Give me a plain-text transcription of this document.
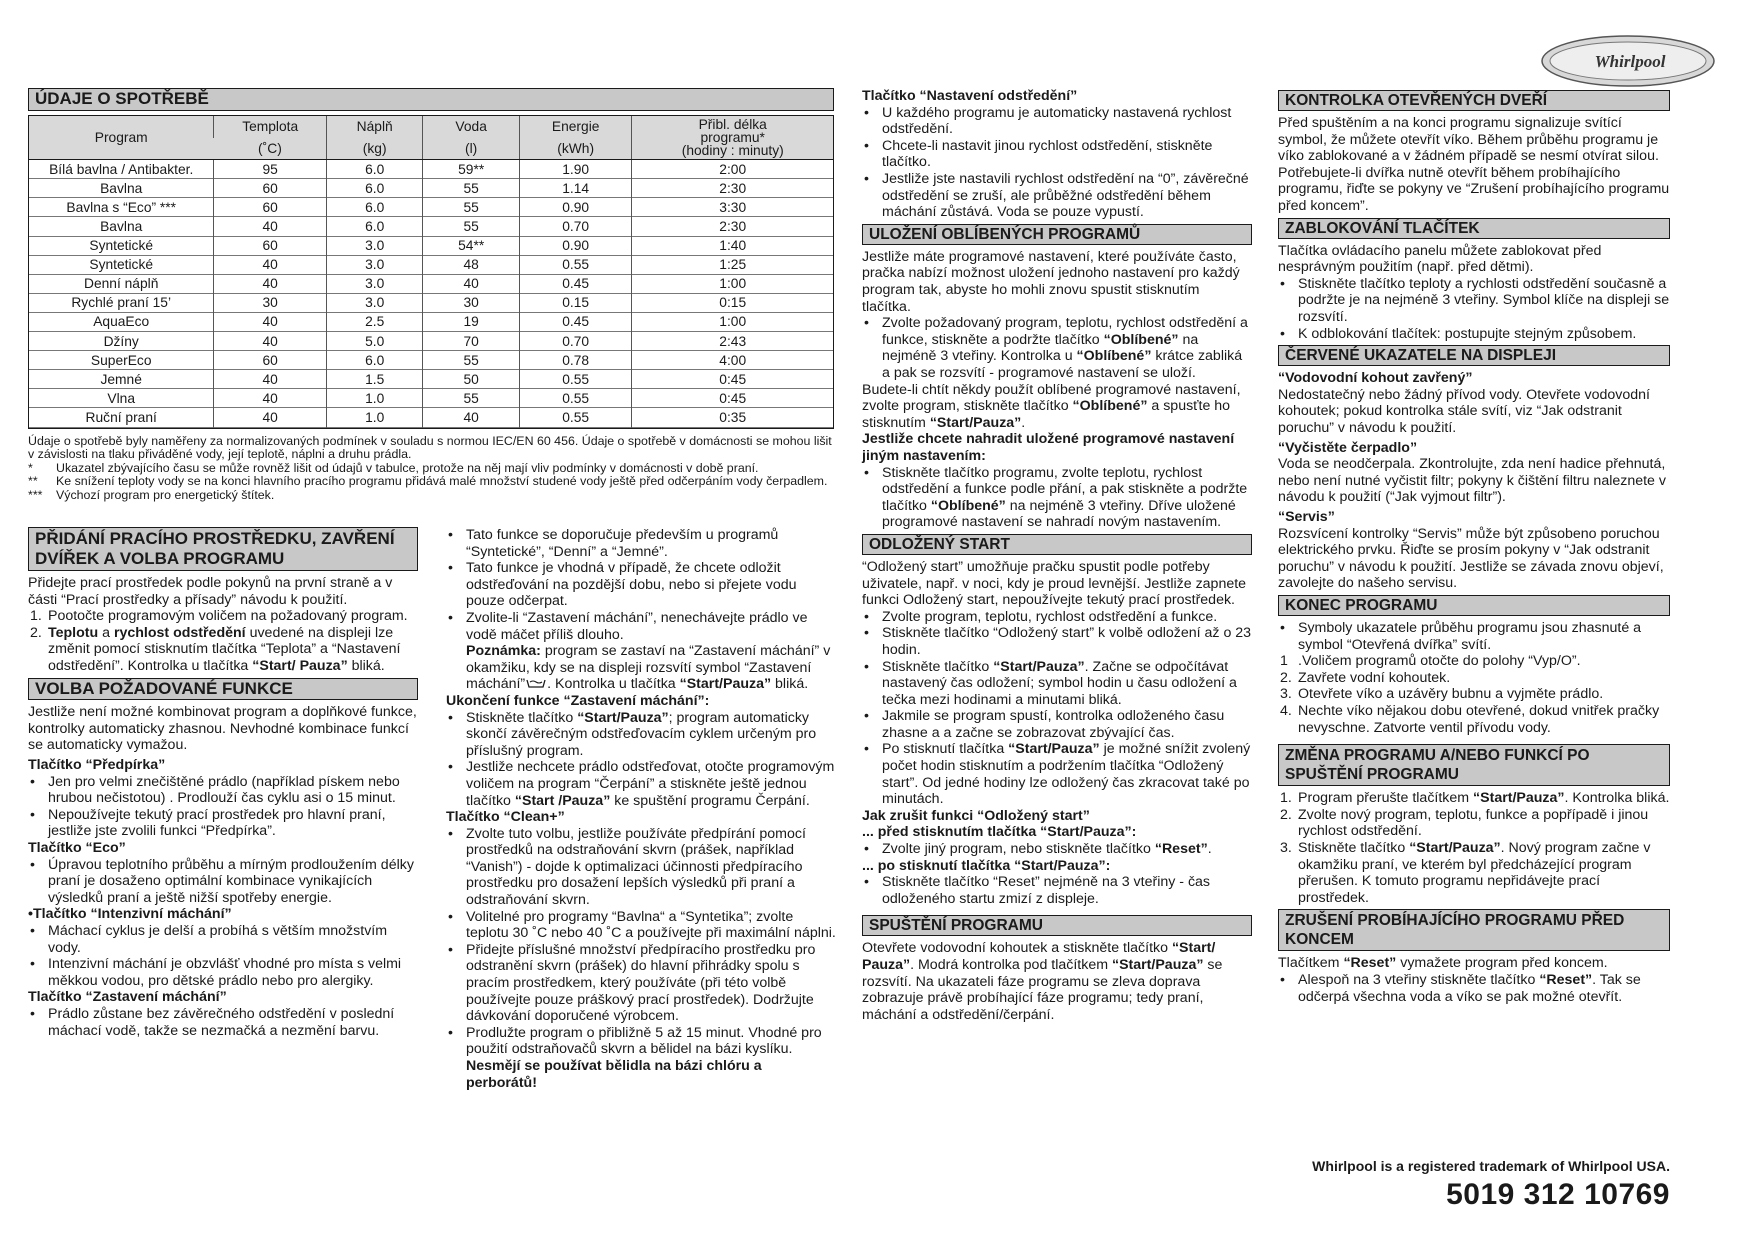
Whirlpool
ÚDAJE O SPOTŘEBĚ
Program	Templota	Náplň	Voda	Energie	Přibl. délka
programu*
(hodiny : minuty)

	(˚C)	(kg)	(l)	(kWh)	
Bílá bavlna / Antibakter.	95	6.0	59**	1.90	2:00
Bavlna	60	6.0	55	1.14	2:30
Bavlna s “Eco” ***	60	6.0	55	0.90	3:30
Bavlna	40	6.0	55	0.70	2:30
Syntetické	60	3.0	54**	0.90	1:40
Syntetické	40	3.0	48	0.55	1:25
Denní náplň	40	3.0	40	0.45	1:00
Rychlé praní 15’	30	3.0	30	0.15	0:15
AquaEco	40	2.5	19	0.45	1:00
Džíny	40	5.0	70	0.70	2:43
SuperEco	60	6.0	55	0.78	4:00
Jemné	40	1.5	50	0.55	0:45
Vlna	40	1.0	55	0.55	0:45
Ruční praní	40	1.0	40	0.55	0:35
Údaje o spotřebě byly naměřeny za normalizovaných podmínek v souladu s normou IEC/EN 60 456. Údaje o spotřebě v domácnosti se mohou lišit v závislosti na tlaku přiváděné vody, její teplotě, náplni a druhu prádla.
*	Ukazatel zbývajícího času se může rovněž lišit od údajů v tabulce, protože na něj mají vliv podmínky v domácnosti v době praní.
**	Ke snížení teploty vody se na konci hlavního pracího programu přidává malé množství studené vody ještě před odčerpáním vody čerpadlem.
***	Výchozí program pro energetický štítek.
PŘIDÁNÍ PRACÍHO PROSTŘEDKU, ZAVŘENÍ
DVÍŘEK A VOLBA PROGRAMU

Přidejte prací prostředek podle pokynů na první straně a v části “Prací prostředky a přísady” návodu k použití.

1. Pootočte programovým voličem na požadovaný program.
2. Teplotu a rychlost odstředění uvedené na displeji lze změnit pomocí stisknutím tlačítka “Teplota” a “Nastavení odstředění”. Kontrolka u tlačítka “Start/ Pauza” bliká.
VOLBA POŽADOVANÉ FUNKCE

Jestliže není možné kombinovat program a doplňkové funkce, kontrolky automaticky zhasnou. Nevhodné kombinace funkcí se automaticky vymažou.

Tlačítko “Předpírka”
• Jen pro velmi znečištěné prádlo (například pískem nebo hrubou nečistotou) . Prodlouží čas cyklu asi o 15 minut.
• Nepoužívejte tekutý prací prostředek pro hlavní praní, jestliže jste zvolili funkci “Předpírka”.
Tlačítko “Eco”
• Úpravou teplotního průběhu a mírným prodloužením délky praní je dosaženo optimální kombinace vynikajících výsledků praní a ještě nižší spotřeby energie.
•Tlačítko “Intenzivní máchání”
• Máchací cyklus je delší a probíhá s větším množstvím vody.
• Intenzivní máchání je obzvlášť vhodné pro místa s velmi měkkou vodou, pro dětské prádlo nebo pro alergiky.
Tlačítko “Zastavení máchání”
• Prádlo zůstane bez závěrečného odstředění v poslední máchací vodě, takže se nezmačká a nezmění barvu.
• Tato funkce se doporučuje především u programů “Syntetické”, “Denní” a “Jemné”.
• Tato funkce je vhodná v případě, že chcete odložit odstřeďování na pozdější dobu, nebo si přejete vodu pouze odčerpat.
• Zvolite-li “Zastavení máchání”, nenechávejte prádlo ve vodě máčet příliš dlouho.
Poznámka: program se zastaví na “Zastavení máchání” v okamžiku, kdy se na displeji rozsvítí symbol “Zastavení máchání” . Kontrolka u tlačítka “Start/Pauza” bliká.
Ukončení funkce “Zastavení máchání”:
• Stiskněte tlačítko “Start/Pauza”; program automaticky skončí závěrečným odstřeďovacím cyklem určeným pro příslušný program.
• Jestliže nechcete prádlo odstřeďovat, otočte programovým voličem na program “Čerpání” a stiskněte ještě jednou tlačítko “Start /Pauza” ke spuštění programu Čerpání.
Tlačítko “Clean+”
• Zvolte tuto volbu, jestliže používáte předpírání pomocí prostředků na odstraňování skvrn (prášek, například “Vanish”) - dojde k optimalizaci účinnosti předpíracího prostředku pro dosažení lepších výsledků při praní a odstraňování skvrn.
• Volitelné pro programy “Bavlna“ a “Syntetika”; zvolte teplotu 30 ˚C nebo 40 ˚C a používejte při maximální náplni.
• Přidejte příslušné množství předpíracího prostředku pro odstranění skvrn (prášek) do hlavní přihrádky spolu s pracím prostředkem, který používáte (při této volbě používejte pouze práškový prací prostředek). Dodržujte dávkování doporučené výrobcem.
• Prodlužte program o přibližně 5 až 15 minut. Vhodné pro použití odstraňovačů skvrn a bělidel na bázi kyslíku. Nesmějí se používat bělidla na bázi chlóru a perborátů!
Tlačítko “Nastavení odstředění”
• U každého programu je automaticky nastavená rychlost odstředění.
• Chcete-li nastavit jinou rychlost odstředění, stiskněte tlačítko.
• Jestliže jste nastavili rychlost odstředění na “0”, závěrečné odstředění se zruší, ale průběžné odstředění během máchání zůstává. Voda se pouze vypustí.
ULOŽENÍ OBLÍBENÝCH PROGRAMŮ

Jestliže máte programové nastavení, které používáte často, pračka nabízí možnost uložení jednoho nastavení pro každý program tak, abyste ho mohli znovu spustit stisknutím tlačítka.

• Zvolte požadovaný program, teplotu, rychlost odstředění a funkce, stiskněte a podržte tlačítko “Oblíbené” na nejméně 3 vteřiny. Kontrolka u “Oblíbené” krátce zabliká a pak se rozsvítí - programové nastavení se uloží.

Budete-li chtít někdy použít oblíbené programové nastavení, zvolte program, stiskněte tlačítko “Oblíbené” a spusťte ho stisknutím “Start/Pauza”.

Jestliže chcete nahradit uložené programové nastavení jiným nastavením:
• Stiskněte tlačítko programu, zvolte teplotu, rychlost odstředění a funkce podle přání, a pak stiskněte a podržte tlačítko “Oblíbené” na nejméně 3 vteřiny. Dříve uložené programové nastavení se nahradí novým nastavením.
ODLOŽENÝ START

“Odložený start” umožňuje pračku spustit podle potřeby uživatele, např. v noci, kdy je proud levnější. Jestliže zapnete funkci Odložený start, nepoužívejte tekutý prací prostředek.

• Zvolte program, teplotu, rychlost odstředění a funkce.
• Stiskněte tlačítko “Odložený start” k volbě odložení až o 23 hodin.
• Stiskněte tlačítko “Start/Pauza”. Začne se odpočítávat nastavený čas odložení; symbol hodin u času odložení a tečka mezi hodinami a minutami bliká.
• Jakmile se program spustí, kontrolka odloženého času zhasne a a začne se zobrazovat zbývající čas.
• Po stisknutí tlačítka “Start/Pauza” je možné snížit zvolený počet hodin stisknutím a podržením tlačítka “Odložený start”. Od jedné hodiny lze odložený čas zkracovat také po minutách.
Jak zrušit funkci “Odložený start”
... před stisknutím tlačítka “Start/Pauza”:
• Zvolte jiný program, nebo stiskněte tlačítko “Reset”.
... po stisknutí tlačítka “Start/Pauza”:
• Stiskněte tlačítko “Reset” nejméně na 3 vteřiny - čas odloženého startu zmizí z displeje.
SPUŠTĚNÍ PROGRAMU

Otevřete vodovodní kohoutek a stiskněte tlačítko “Start/ Pauza”. Modrá kontrolka pod tlačítkem “Start/Pauza” se rozsvítí. Na ukazateli fáze programu se zleva doprava zobrazuje právě probíhající fáze programu; tedy praní, máchání a odstředění/čerpání.

KONTROLKA OTEVŘENÝCH DVEŘÍ

Před spuštěním a na konci programu signalizuje svítící symbol, že můžete otevřít víko. Během průběhu programu je víko zablokované a v žádném případě se nesmí otvírat silou. Potřebujete-li dvířka nutně otevřít během probíhajícího programu, řiďte se pokyny ve “Zrušení probíhajícího programu před koncem”.

ZABLOKOVÁNÍ TLAČÍTEK

Tlačítka ovládacího panelu můžete zablokovat před nesprávným použitím (např. před dětmi).

• Stiskněte tlačítko teploty a rychlosti odstředění současně a podržte je na nejméně 3 vteřiny. Symbol klíče na displeji se rozsvítí.
• K odblokování tlačítek: postupujte stejným způsobem.
ČERVENÉ UKAZATELE NA DISPLEJI
“Vodovodní kohout zavřený”

Nedostatečný nebo žádný přívod vody. Otevřete vodovodní kohoutek; pokud kontrolka stále svítí, viz “Jak odstranit poruchu” v návodu k použití.

“Vyčistěte čerpadlo”

Voda se neodčerpala. Zkontrolujte, zda není hadice přehnutá, nebo není nutné vyčistit filtr; pokyny k čištění filtru naleznete v návodu k použití (“Jak vyjmout filtr”).

“Servis”

Rozsvícení kontrolky “Servis” může být způsobeno poruchou elektrického prvku. Řiďte se prosím pokyny v “Jak odstranit poruchu” v návodu k použití. Jestliže se závada znovu objeví, zavolejte do našeho servisu.

KONEC PROGRAMU
• Symboly ukazatele průběhu programu jsou zhasnuté a symbol “Otevřená dvířka” svítí.
1 .Voličem programů otočte do polohy “Vyp/O”.
2. Zavřete vodní kohoutek.
3. Otevřete víko a uzávěry bubnu a vyjměte prádlo.
4. Nechte víko nějakou dobu otevřené, dokud vnitřek pračky nevyschne. Zatvorte ventil přívodu vody.
ZMĚNA PROGRAMU A/NEBO FUNKCÍ PO
SPUŠTĚNÍ PROGRAMU
1. Program přerušte tlačítkem “Start/Pauza”. Kontrolka bliká.
2. Zvolte nový program, teplotu, funkce a popřípadě i jinou rychlost odstředění.
3. Stiskněte tlačítko “Start/Pauza”. Nový program začne v okamžiku praní, ve kterém byl předcházející program přerušen. K tomuto programu nepřidávejte prací prostředek.
ZRUŠENÍ PROBÍHAJÍCÍHO PROGRAMU PŘED
KONCEM

Tlačítkem “Reset” vymažete program před koncem.

• Alespoň na 3 vteřiny stiskněte tlačítko “Reset”. Tak se odčerpá všechna voda a víko se pak možné otevřít.
Whirlpool is a registered trademark of Whirlpool USA.
5019 312 10769
